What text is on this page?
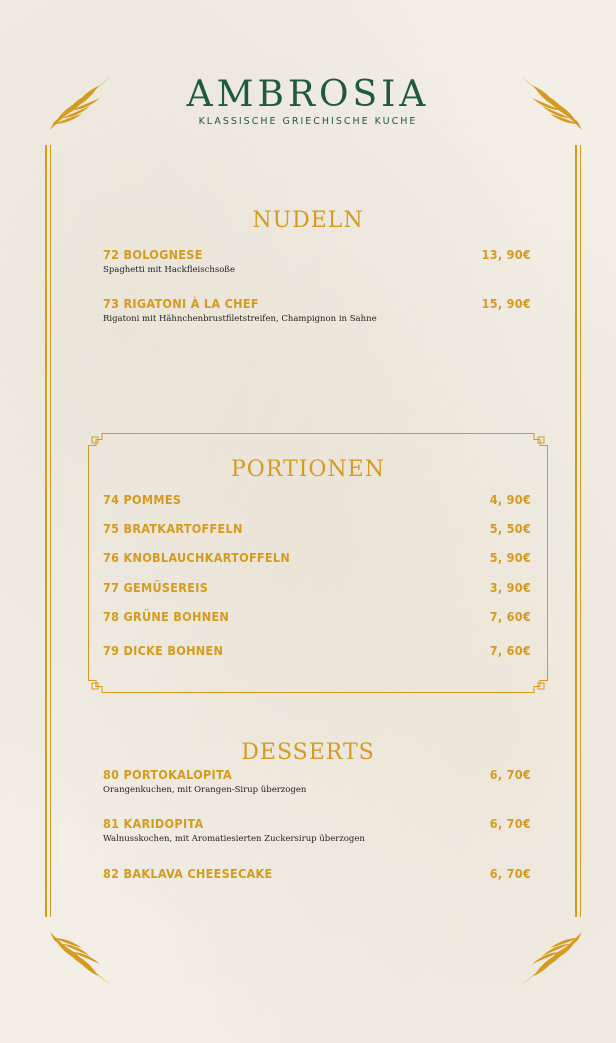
AMBROSIA
KLASSISCHE GRIECHISCHE KUCHE
NUDELN
72 BOLOGNESE	13, 90€
Spaghetti mit Hackfleischsoße
73 RIGATONI À LA CHEF	15, 90€
Rigatoni mit Hähnchenbrustfiletstreifen, Champignon in Sahne
PORTIONEN
74 POMMES	4, 90€
75 BRATKARTOFFELN	5, 50€
76 KNOBLAUCHKARTOFFELN	5, 90€
77 GEMÜSEREIS	3, 90€
78 GRÜNE BOHNEN	7, 60€
79 DICKE BOHNEN	7, 60€
DESSERTS
80 PORTOKALOPITA	6, 70€
Orangenkuchen, mit Orangen-Sirup überzogen
81 KARIDOPITA	6, 70€
Walnusskochen, mit Aromatiesierten Zuckersirup überzogen
82 BAKLAVA CHEESECAKE	6, 70€
